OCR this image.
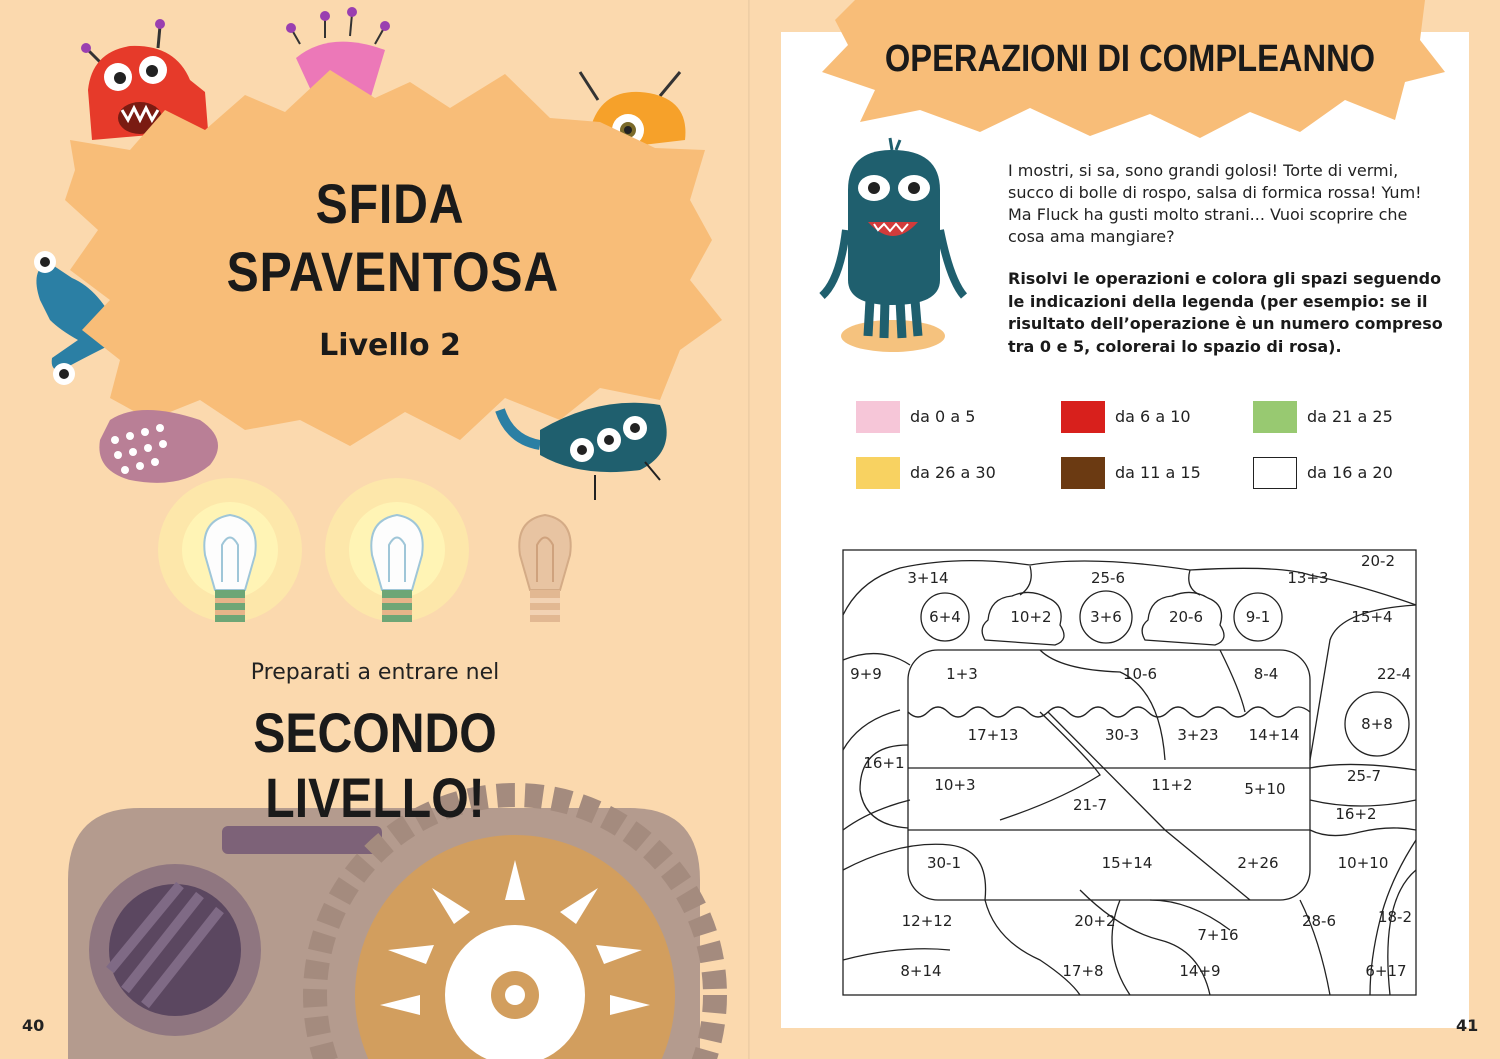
SFIDA
SPAVENTOSA
Livello 2
Preparati a entrare nel
SECONDO LIVELLO!
40
20-2
3+14	25-6	13+3
6+4	10+2	3+6	20-6	9-1	15+4
9+9	1+3	10-6	8-4	22-4
8+8
17+13	30-3	3+23 14+14
16+1
10+3	11+2	5+10
25-7
21-7	16+2
30-1	15+14	2+26	10+10
12+12	20+2	28-6	18-2
7+16
8+14	17+8	14+9	6+17
OPERAZIONI DI COMPLEANNO
I mostri, si sa, sono grandi golosi! Torte di vermi, succo di bolle di rospo, salsa di formica rossa! Yum! Ma Fluck ha gusti molto strani... Vuoi scoprire che cosa ama mangiare?
Risolvi le operazioni e colora gli spazi seguendo le indicazioni della legenda (per esempio: se il risultato dell’operazione è un numero compreso tra 0 e 5, colorerai lo spazio di rosa).
da 0 a 5	da 6 a 10	da 21 a 25
da 26 a 30	da 11 a 15	da 16 a 20
41
